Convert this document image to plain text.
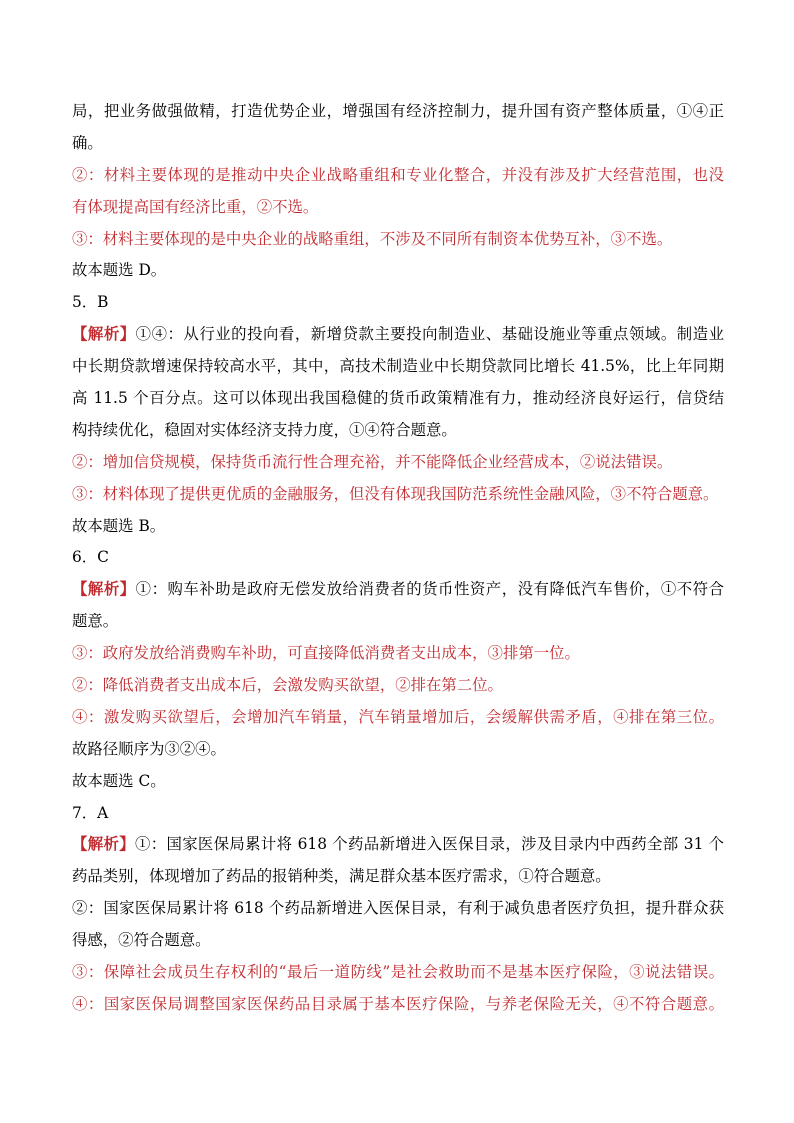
局，把业务做强做精，打造优势企业，增强国有经济控制力，提升国有资产整体质量，①④正
确。
②：材料主要体现的是推动中央企业战略重组和专业化整合，并没有涉及扩大经营范围，也没
有体现提高国有经济比重，②不选。
③：材料主要体现的是中央企业的战略重组，不涉及不同所有制资本优势互补，③不选。
故本题选 D。
5．B
【解析】①④：从行业的投向看，新增贷款主要投向制造业、基础设施业等重点领域。制造业
中长期贷款增速保持较高水平，其中，高技术制造业中长期贷款同比增长 41.5%，比上年同期
高 11.5 个百分点。这可以体现出我国稳健的货币政策精准有力，推动经济良好运行，信贷结
构持续优化，稳固对实体经济支持力度，①④符合题意。
②：增加信贷规模，保持货币流行性合理充裕，并不能降低企业经营成本，②说法错误。
③：材料体现了提供更优质的金融服务，但没有体现我国防范系统性金融风险，③不符合题意。
故本题选 B。
6．C
【解析】①：购车补助是政府无偿发放给消费者的货币性资产，没有降低汽车售价，①不符合
题意。
③：政府发放给消费购车补助，可直接降低消费者支出成本，③排第一位。
②：降低消费者支出成本后，会激发购买欲望，②排在第二位。
④：激发购买欲望后，会增加汽车销量，汽车销量增加后，会缓解供需矛盾，④排在第三位。
故路径顺序为③②④。
故本题选 C。
7．A
【解析】①：国家医保局累计将 618 个药品新增进入医保目录，涉及目录内中西药全部 31 个
药品类别，体现增加了药品的报销种类，满足群众基本医疗需求，①符合题意。
②：国家医保局累计将 618 个药品新增进入医保目录，有利于减负患者医疗负担，提升群众获
得感，②符合题意。
③：保障社会成员生存权利的“最后一道防线”是社会救助而不是基本医疗保险，③说法错误。
④：国家医保局调整国家医保药品目录属于基本医疗保险，与养老保险无关，④不符合题意。
